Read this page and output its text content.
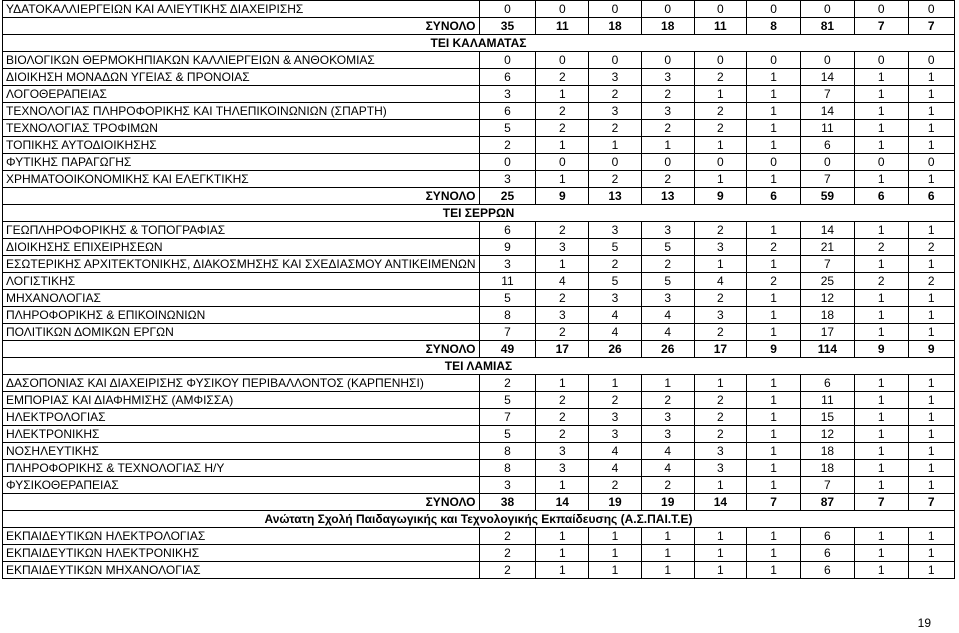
ΥΔΑΤΟΚΑΛΛΙΕΡΓΕΙΩΝ ΚΑΙ ΑΛΙΕΥΤΙΚΗΣ ΔΙΑΧΕΙΡΙΣΗΣ	0	0	0	0	0	0	0	0	0
ΣΥΝΟΛΟ	35	11	18	18	11	8	81	7	7
ΤΕΙ ΚΑΛΑΜΑΤΑΣ									
ΒΙΟΛΟΓΙΚΩΝ ΘΕΡΜΟΚΗΠΙΑΚΩΝ ΚΑΛΛΙΕΡΓΕΙΩΝ & ΑΝΘΟΚΟΜΙΑΣ	0	0	0	0	0	0	0	0	0
ΔΙΟΙΚΗΣΗ ΜΟΝΑΔΩΝ ΥΓΕΙΑΣ & ΠΡΟΝΟΙΑΣ	6	2	3	3	2	1	14	1	1
ΛΟΓΟΘΕΡΑΠΕΙΑΣ	3	1	2	2	1	1	7	1	1
ΤΕΧΝΟΛΟΓΙΑΣ ΠΛΗΡΟΦΟΡΙΚΗΣ ΚΑΙ ΤΗΛΕΠΙΚΟΙΝΩΝΙΩΝ (ΣΠΑΡΤΗ)	6	2	3	3	2	1	14	1	1
ΤΕΧΝΟΛΟΓΙΑΣ ΤΡΟΦΙΜΩΝ	5	2	2	2	2	1	11	1	1
ΤΟΠΙΚΗΣ ΑΥΤΟΔΙΟΙΚΗΣΗΣ	2	1	1	1	1	1	6	1	1
ΦΥΤΙΚΗΣ ΠΑΡΑΓΩΓΗΣ	0	0	0	0	0	0	0	0	0
ΧΡΗΜΑΤΟΟΙΚΟΝΟΜΙΚΗΣ ΚΑΙ ΕΛΕΓΚΤΙΚΗΣ	3	1	2	2	1	1	7	1	1
ΣΥΝΟΛΟ	25	9	13	13	9	6	59	6	6
ΤΕΙ ΣΕΡΡΩΝ									
ΓΕΩΠΛΗΡΟΦΟΡΙΚΗΣ & ΤΟΠΟΓΡΑΦΙΑΣ	6	2	3	3	2	1	14	1	1
ΔΙΟΙΚΗΣΗΣ ΕΠΙΧΕΙΡΗΣΕΩΝ	9	3	5	5	3	2	21	2	2
ΕΣΩΤΕΡΙΚΗΣ ΑΡΧΙΤΕΚΤΟΝΙΚΗΣ, ΔΙΑΚΟΣΜΗΣΗΣ ΚΑΙ ΣΧΕΔΙΑΣΜΟΥ ΑΝΤΙΚΕΙΜΕΝΩΝ	3	1	2	2	1	1	7	1	1
ΛΟΓΙΣΤΙΚΗΣ	11	4	5	5	4	2	25	2	2
ΜΗΧΑΝΟΛΟΓΙΑΣ	5	2	3	3	2	1	12	1	1
ΠΛΗΡΟΦΟΡΙΚΗΣ & ΕΠΙΚΟΙΝΩΝΙΩΝ	8	3	4	4	3	1	18	1	1
ΠΟΛΙΤΙΚΩΝ ΔΟΜΙΚΩΝ ΕΡΓΩΝ	7	2	4	4	2	1	17	1	1
ΣΥΝΟΛΟ	49	17	26	26	17	9	114	9	9
ΤΕΙ ΛΑΜΙΑΣ									
ΔΑΣΟΠΟΝΙΑΣ ΚΑΙ ΔΙΑΧΕΙΡΙΣΗΣ ΦΥΣΙΚΟΥ ΠΕΡΙΒΑΛΛΟΝΤΟΣ (ΚΑΡΠΕΝΗΣΙ)	2	1	1	1	1	1	6	1	1
ΕΜΠΟΡΙΑΣ ΚΑΙ ΔΙΑΦΗΜΙΣΗΣ (ΑΜΦΙΣΣΑ)	5	2	2	2	2	1	11	1	1
ΗΛΕΚΤΡΟΛΟΓΙΑΣ	7	2	3	3	2	1	15	1	1
ΗΛΕΚΤΡΟΝΙΚΗΣ	5	2	3	3	2	1	12	1	1
ΝΟΣΗΛΕΥΤΙΚΗΣ	8	3	4	4	3	1	18	1	1
ΠΛΗΡΟΦΟΡΙΚΗΣ & ΤΕΧΝΟΛΟΓΙΑΣ Η/Υ	8	3	4	4	3	1	18	1	1
ΦΥΣΙΚΟΘΕΡΑΠΕΙΑΣ	3	1	2	2	1	1	7	1	1
ΣΥΝΟΛΟ	38	14	19	19	14	7	87	7	7
Ανώτατη Σχολή Παιδαγωγικής και Τεχνολογικής Εκπαίδευσης (Α.Σ.ΠΑΙ.Τ.Ε)									
ΕΚΠΑΙΔΕΥΤΙΚΩΝ ΗΛΕΚΤΡΟΛΟΓΙΑΣ	2	1	1	1	1	1	6	1	1
ΕΚΠΑΙΔΕΥΤΙΚΩΝ ΗΛΕΚΤΡΟΝΙΚΗΣ	2	1	1	1	1	1	6	1	1
ΕΚΠΑΙΔΕΥΤΙΚΩΝ ΜΗΧΑΝΟΛΟΓΙΑΣ	2	1	1	1	1	1	6	1	1
19
